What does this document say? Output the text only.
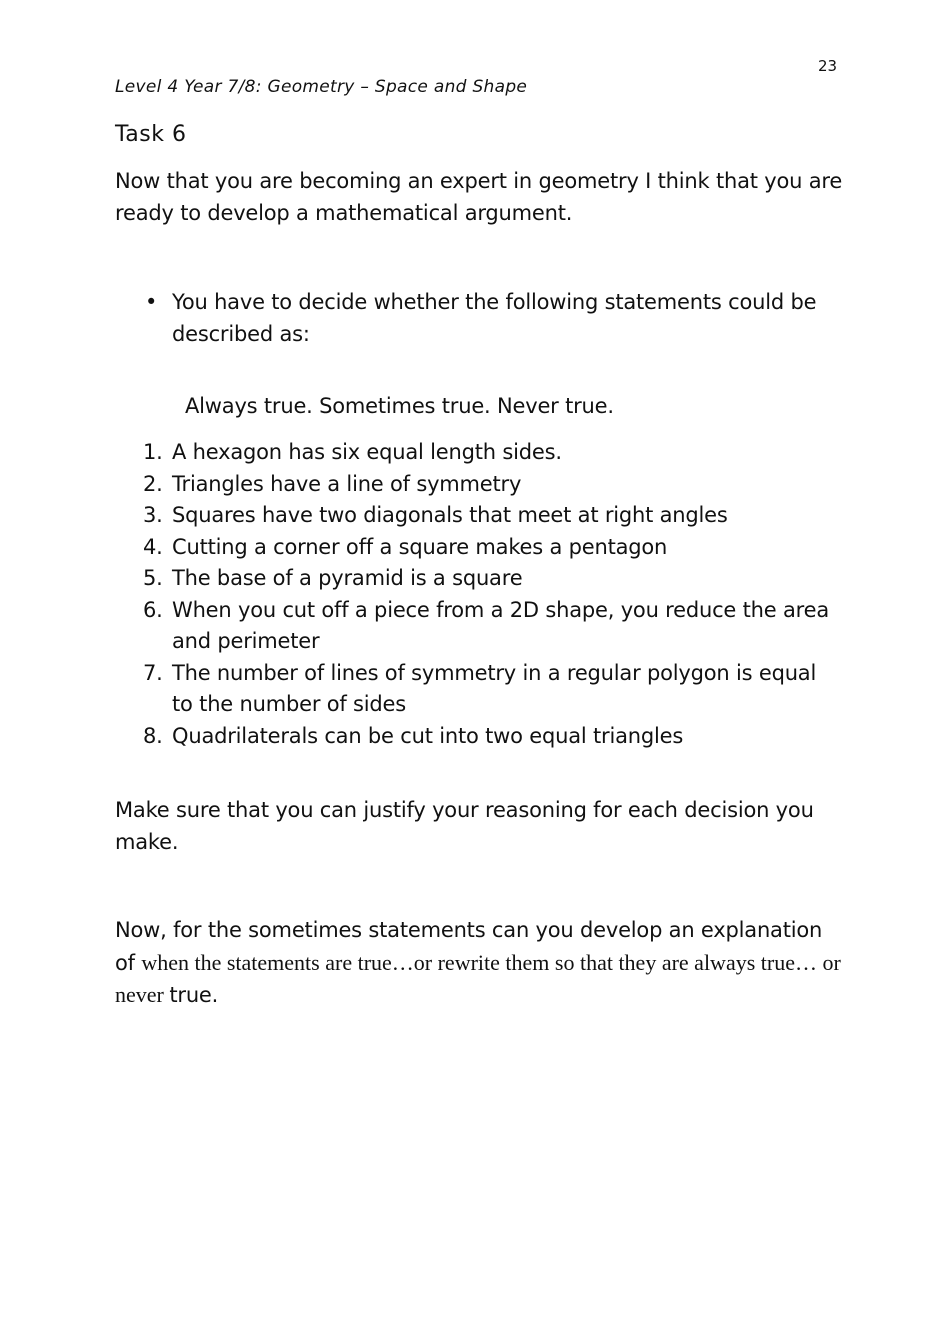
23
Level 4 Year 7/8: Geometry – Space and Shape
Task 6
Now that you are becoming an expert in geometry I think that you are ready to develop a mathematical argument.
• You have to decide whether the following statements could be described as:
Always true. Sometimes true. Never true.
1. A hexagon has six equal length sides.
2. Triangles have a line of symmetry
3. Squares have two diagonals that meet at right angles
4. Cutting a corner off a square makes a pentagon
5. The base of a pyramid is a square
6. When you cut off a piece from a 2D shape, you reduce the area and perimeter
7. The number of lines of symmetry in a regular polygon is equal to the number of sides
8. Quadrilaterals can be cut into two equal triangles
Make sure that you can justify your reasoning for each decision you make.
Now, for the sometimes statements can you develop an explanation of when the statements are true…or rewrite them so that they are always true… or never true.
